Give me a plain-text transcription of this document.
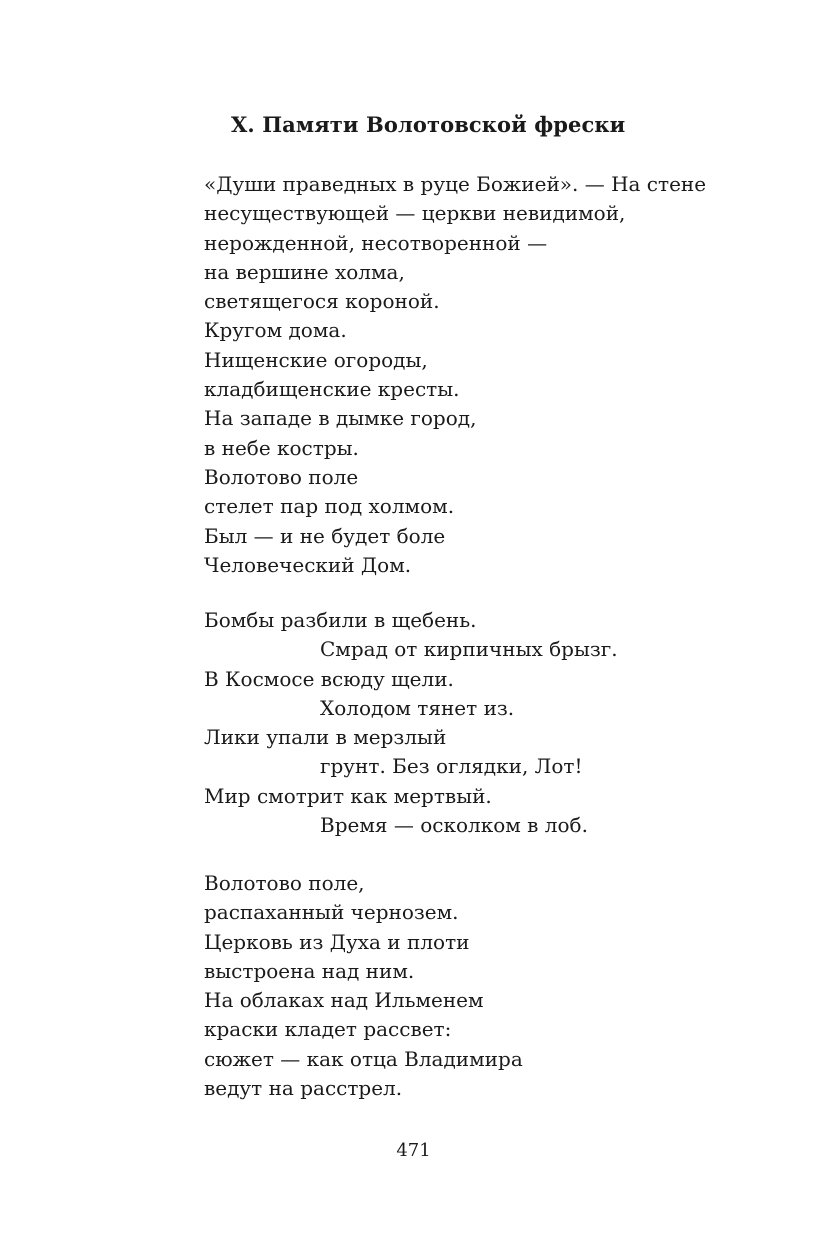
X. Памяти Волотовской фрески
«Души праведных в руце Божией». — На стене
несуществующей — церкви невидимой,
нерожденной, несотворенной —
на вершине холма,
светящегося короной.
Кругом дома.
Нищенские огороды,
кладбищенские кресты.
На западе в дымке город,
в небе костры.
Волотово поле
стелет пар под холмом.
Был — и не будет боле
Человеческий Дом.
Бомбы разбили в щебень.
Смрад от кирпичных брызг.
В Космосе всюду щели.
Холодом тянет из.
Лики упали в мерзлый
грунт. Без оглядки, Лот!
Мир смотрит как мертвый.
Время — осколком в лоб.
Волотово поле,
распаханный чернозем.
Церковь из Духа и плоти
выстроена над ним.
На облаках над Ильменем
краски кладет рассвет:
сюжет — как отца Владимира
ведут на расстрел.
471
